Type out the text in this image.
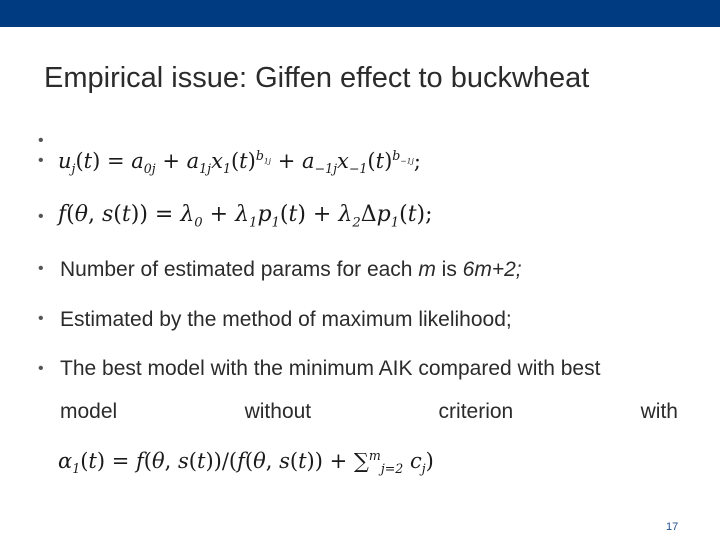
Empirical issue: Giffen effect to buckwheat
•
• $u_j(t) = a_{0j} + a_{1j}x_1(t)^{b_{1j}} + a_{-1j}x_{-1}(t)^{b_{-1j}}$;
• f(θ, $s(t)) = \lambda_0 + \lambda_1p_1(t) + \lambda_2\Delta p_1(t)$;
• Number of estimated params for each m is 6m+2;
• Estimated by the method of maximum likelihood;
• The best model with the minimum AIK compared with best
model	without	criterion	with
$\alpha_1(t) = f(\theta$, s(t))/(f(θ, s(t)) + ∑$^m_{j=2}$ $c_j$)
17
